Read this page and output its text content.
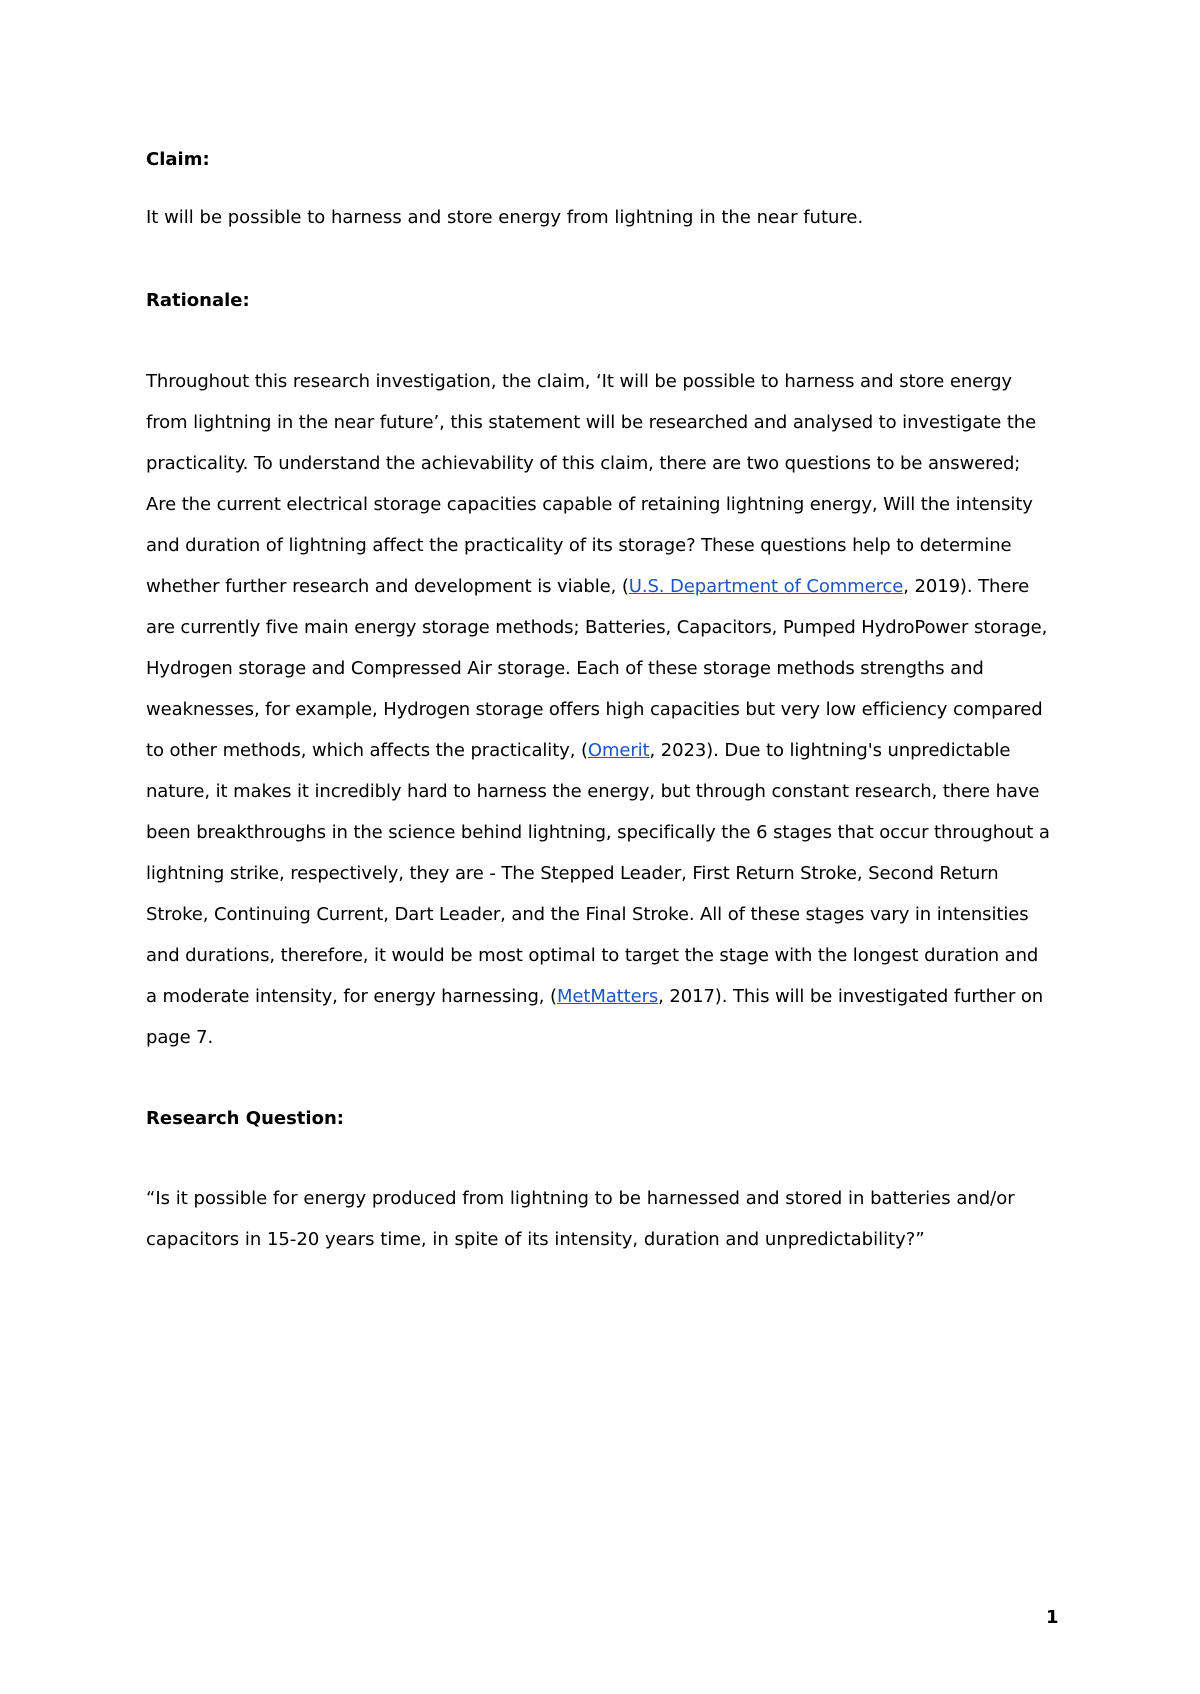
Claim:
It will be possible to harness and store energy from lightning in the near future.
Rationale:
Throughout this research investigation, the claim, ‘It will be possible to harness and store energy
from lightning in the near future’, this statement will be researched and analysed to investigate the
practicality. To understand the achievability of this claim, there are two questions to be answered;
Are the current electrical storage capacities capable of retaining lightning energy, Will the intensity
and duration of lightning affect the practicality of its storage? These questions help to determine
whether further research and development is viable, (U.S. Department of Commerce, 2019). There
are currently five main energy storage methods; Batteries, Capacitors, Pumped HydroPower storage,
Hydrogen storage and Compressed Air storage. Each of these storage methods strengths and
weaknesses, for example, Hydrogen storage offers high capacities but very low efficiency compared
to other methods, which affects the practicality, (Omerit, 2023). Due to lightning's unpredictable
nature, it makes it incredibly hard to harness the energy, but through constant research, there have
been breakthroughs in the science behind lightning, specifically the 6 stages that occur throughout a
lightning strike, respectively, they are - The Stepped Leader, First Return Stroke, Second Return
Stroke, Continuing Current, Dart Leader, and the Final Stroke. All of these stages vary in intensities
and durations, therefore, it would be most optimal to target the stage with the longest duration and
a moderate intensity, for energy harnessing, (MetMatters, 2017). This will be investigated further on
page 7.
Research Question:
“Is it possible for energy produced from lightning to be harnessed and stored in batteries and/or
capacitors in 15-20 years time, in spite of its intensity, duration and unpredictability?”
1
